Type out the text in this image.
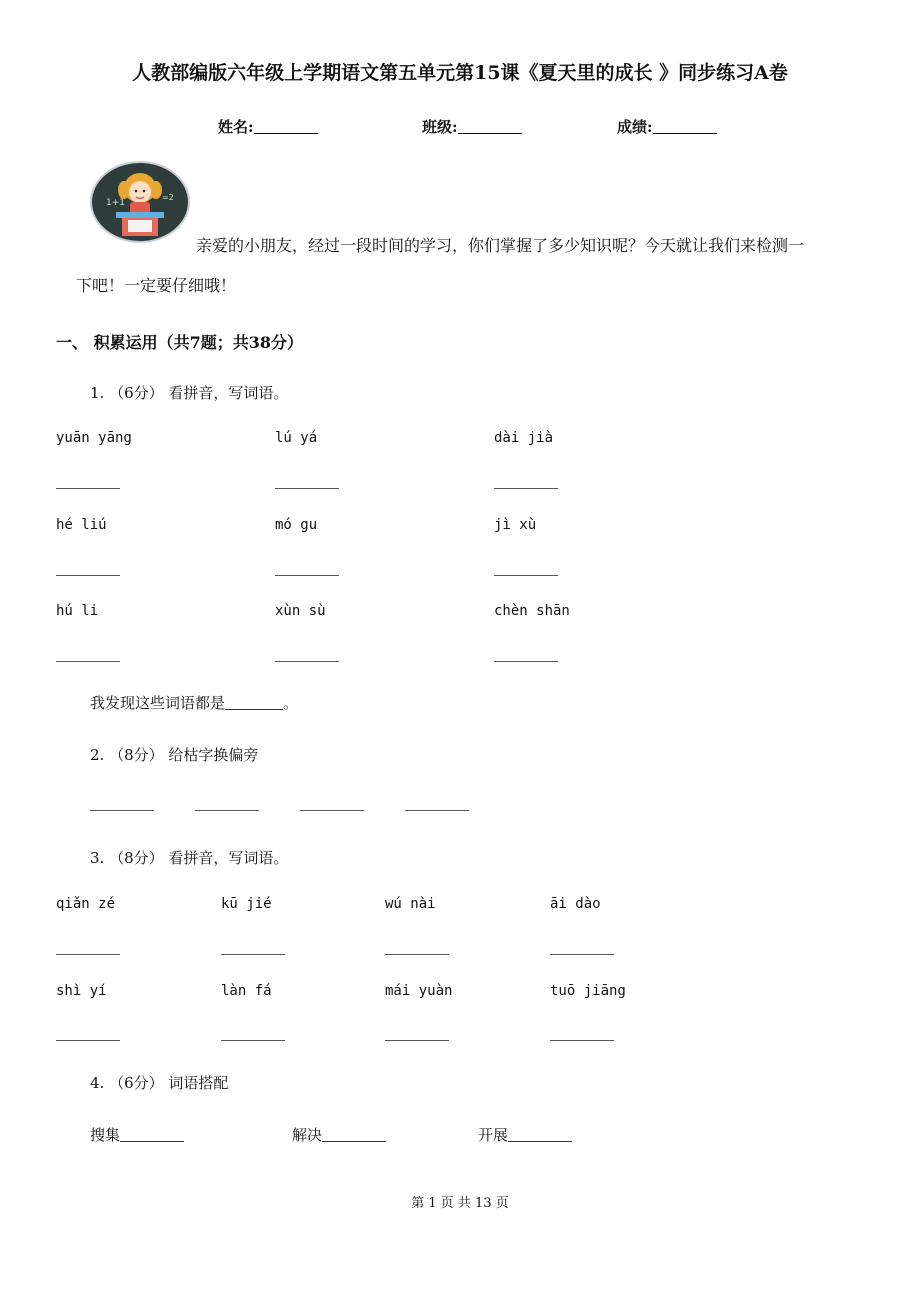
人教部编版六年级上学期语文第五单元第15课《夏天里的成长 》同步练习A卷
姓名:	班级:	成绩:
1+1
=2
亲爱的小朋友，经过一段时间的学习，你们掌握了多少知识呢？今天就让我们来检测一
下吧！一定要仔细哦！
一、 积累运用（共7题；共38分）
1. （6分） 看拼音，写词语。
yuān yāng	lú yá	dài jià
hé liú	mó gu	jì xù
hú li	xùn sù	chèn shān
我发现这些词语都是	。
2. （8分） 给枯字换偏旁
3. （8分） 看拼音，写词语。
qiǎn zé	kū jié	wú nài	āi dào
shì yí	làn fá	mái yuàn	tuō jiāng
4. （6分） 词语搭配
搜集	解决	开展
第 1 页 共 13 页
